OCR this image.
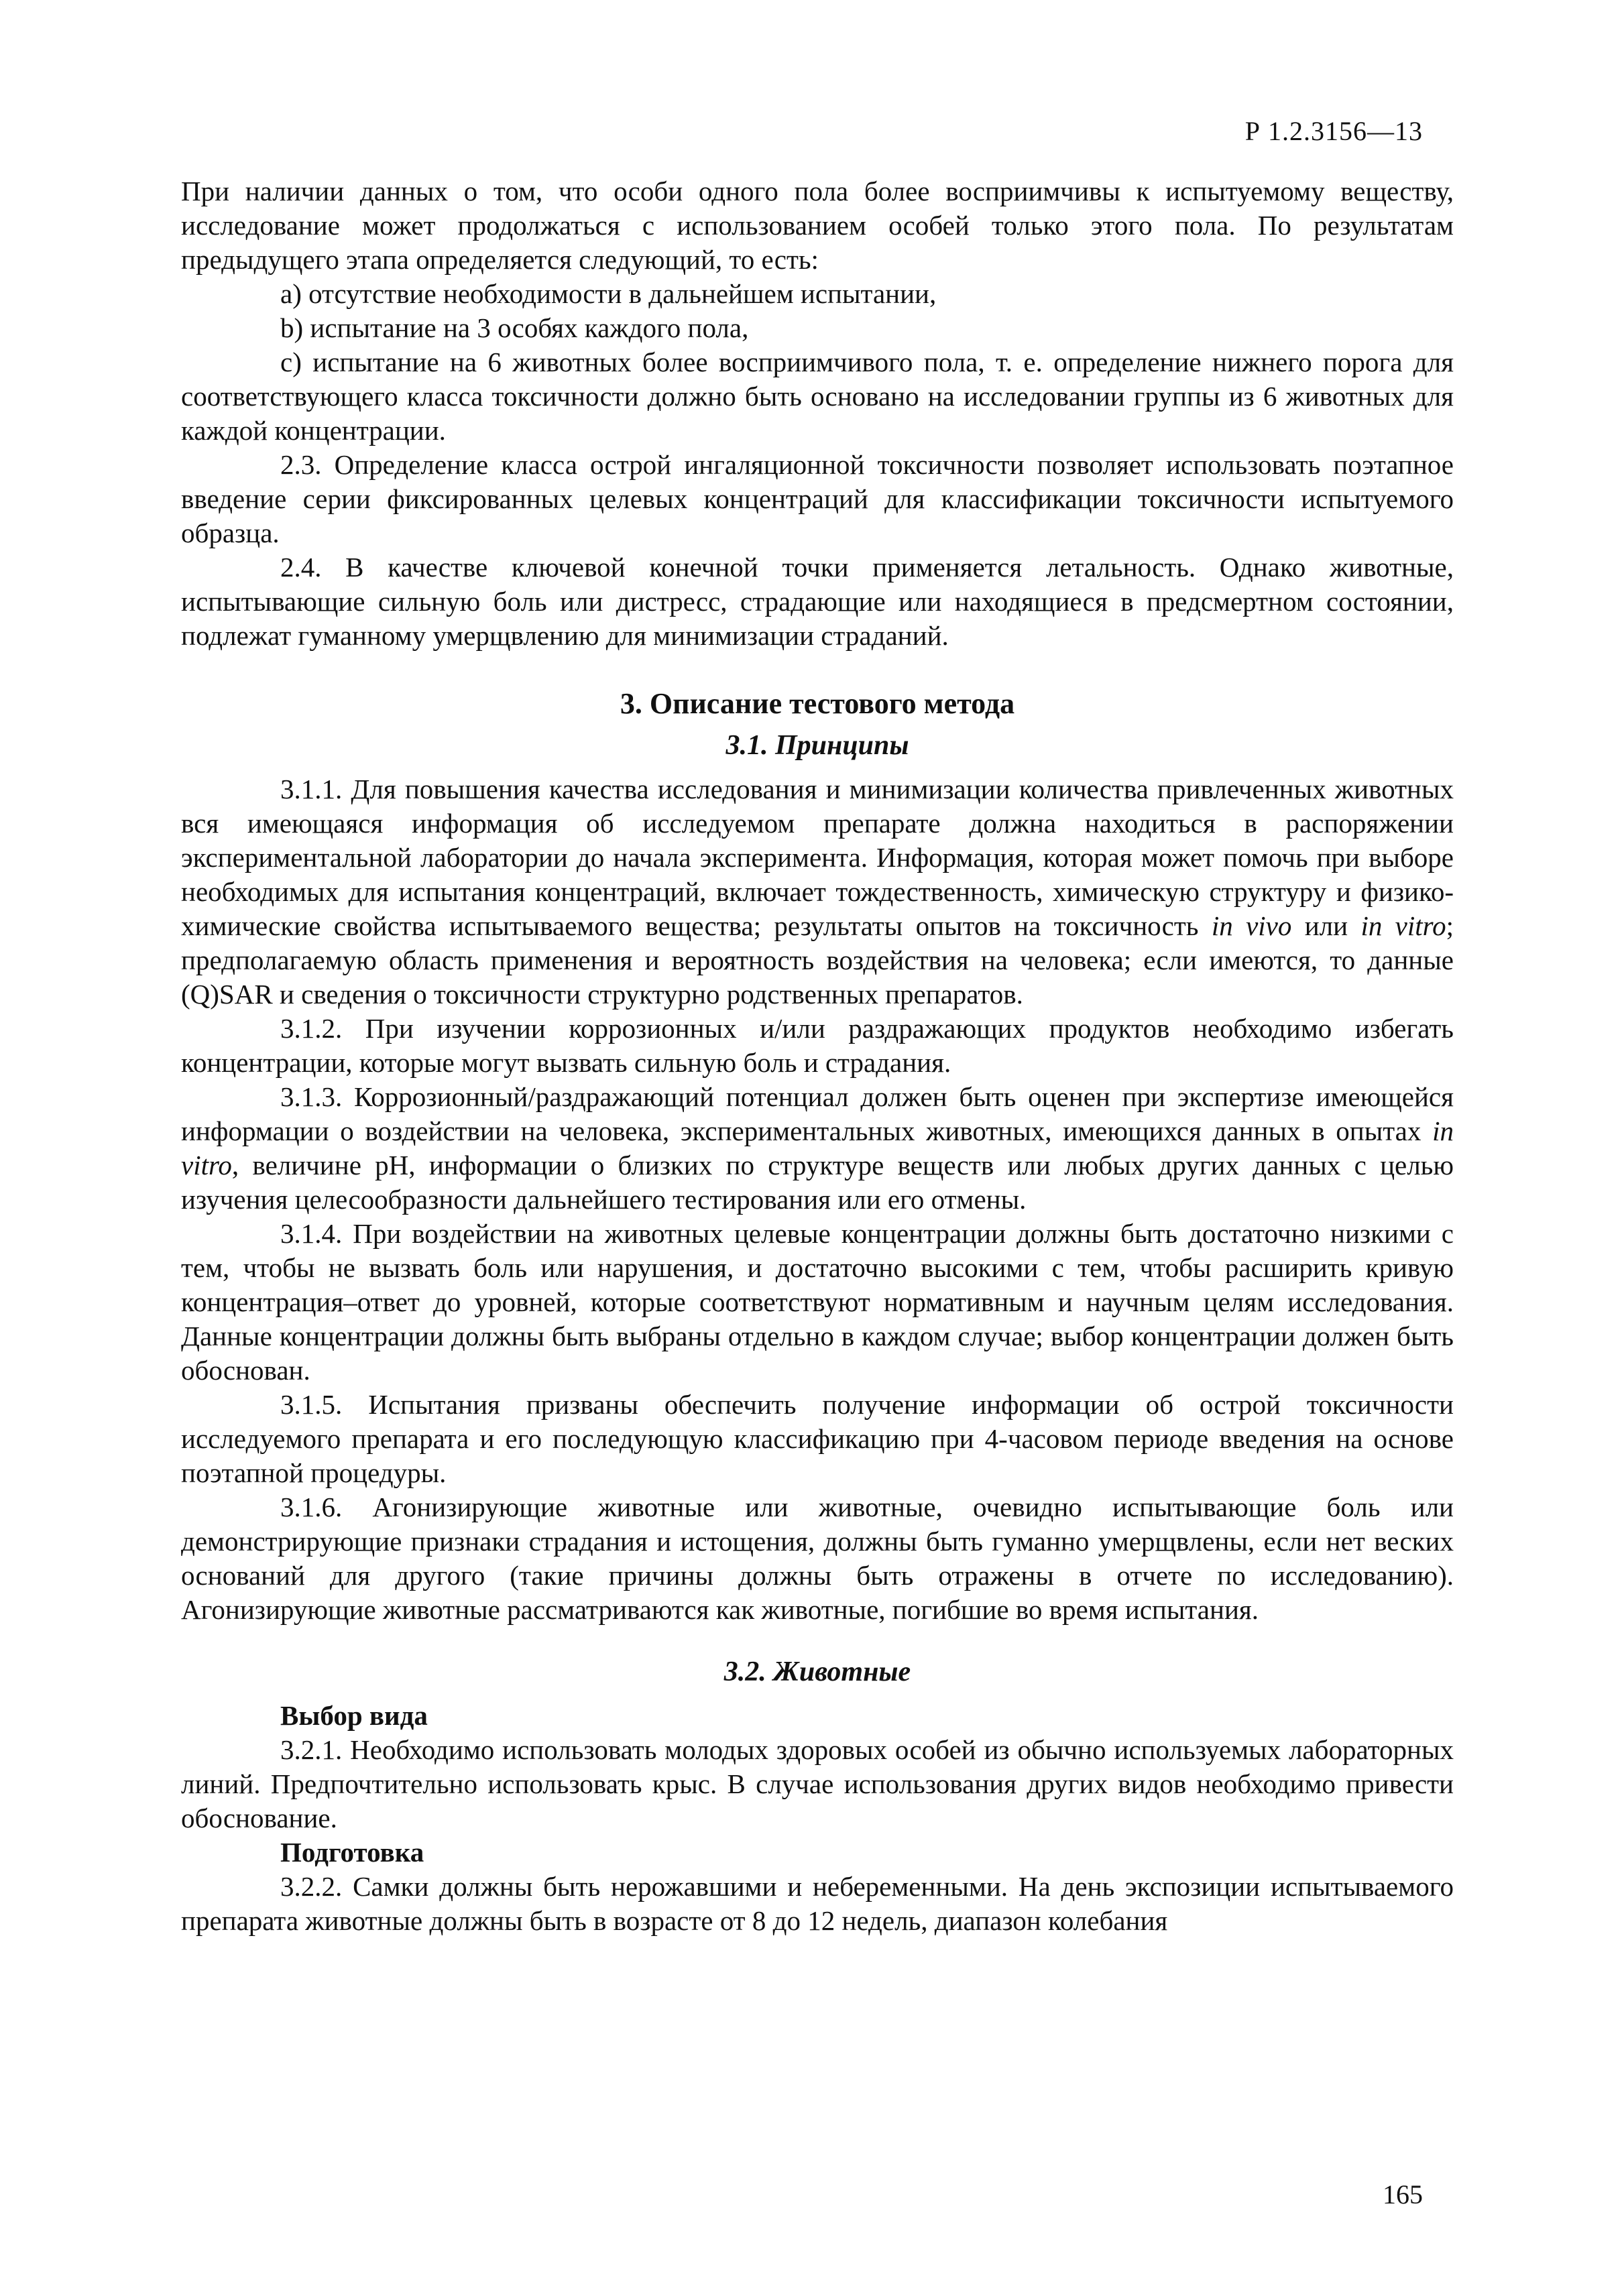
Р 1.2.3156—13

При наличии данных о том, что особи одного пола более восприимчивы к испытуемому веществу, исследование может продолжаться с использованием особей только этого пола. По результатам предыдущего этапа определяется следующий, то есть:

a) отсутствие необходимости в дальнейшем испытании,

b) испытание на 3 особях каждого пола,

c) испытание на 6 животных более восприимчивого пола, т. е. определение нижнего порога для соответствующего класса токсичности должно быть основано на исследовании группы из 6 животных для каждой концентрации.

2.3. Определение класса острой ингаляционной токсичности позволяет использовать поэтапное введение серии фиксированных целевых концентраций для классификации токсичности испытуемого образца.

2.4. В качестве ключевой конечной точки применяется летальность. Однако животные, испытывающие сильную боль или дистресс, страдающие или находящиеся в предсмертном состоянии, подлежат гуманному умерщвлению для минимизации страданий.

3. Описание тестового метода
3.1. Принципы

3.1.1. Для повышения качества исследования и минимизации количества привлеченных животных вся имеющаяся информация об исследуемом препарате должна находиться в распоряжении экспериментальной лаборатории до начала эксперимента. Информация, которая может помочь при выборе необходимых для испытания концентраций, включает тождественность, химическую структуру и физико-химические свойства испытываемого вещества; результаты опытов на токсичность in vivo или in vitro; предполагаемую область применения и вероятность воздействия на человека; если имеются, то данные (Q)SAR и сведения о токсичности структурно родственных препаратов.

3.1.2. При изучении коррозионных и/или раздражающих продуктов необходимо избегать концентрации, которые могут вызвать сильную боль и страдания.

3.1.3. Коррозионный/раздражающий потенциал должен быть оценен при экспертизе имеющейся информации о воздействии на человека, экспериментальных животных, имеющихся данных в опытах in vitro, величине pH, информации о близких по структуре веществ или любых других данных с целью изучения целесообразности дальнейшего тестирования или его отмены.

3.1.4. При воздействии на животных целевые концентрации должны быть достаточно низкими с тем, чтобы не вызвать боль или нарушения, и достаточно высокими с тем, чтобы расширить кривую концентрация–ответ до уровней, которые соответствуют нормативным и научным целям исследования. Данные концентрации должны быть выбраны отдельно в каждом случае; выбор концентрации должен быть обоснован.

3.1.5. Испытания призваны обеспечить получение информации об острой токсичности исследуемого препарата и его последующую классификацию при 4-часовом периоде введения на основе поэтапной процедуры.

3.1.6. Агонизирующие животные или животные, очевидно испытывающие боль или демонстрирующие признаки страдания и истощения, должны быть гуманно умерщвлены, если нет веских оснований для другого (такие причины должны быть отражены в отчете по исследованию). Агонизирующие животные рассматриваются как животные, погибшие во время испытания.

3.2. Животные

Выбор вида

3.2.1. Необходимо использовать молодых здоровых особей из обычно используемых лабораторных линий. Предпочтительно использовать крыс. В случае использования других видов необходимо привести обоснование.

Подготовка

3.2.2. Самки должны быть нерожавшими и небеременными. На день экспозиции испытываемого препарата животные должны быть в возрасте от 8 до 12 недель, диапазон колебания

165
